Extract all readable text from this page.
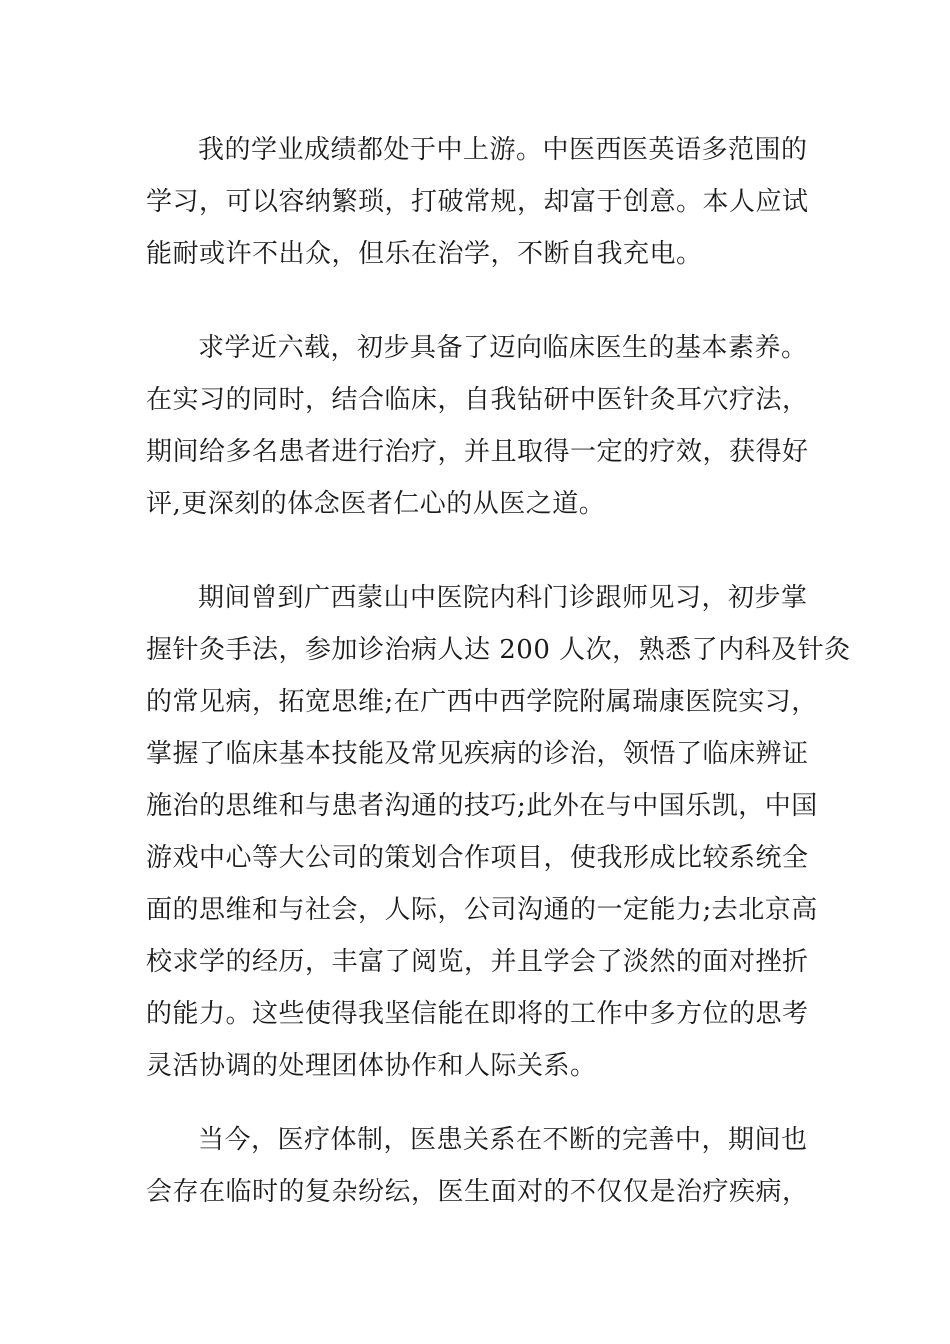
我的学业成绩都处于中上游。中医西医英语多范围的
学习，可以容纳繁琐，打破常规，却富于创意。本人应试
能耐或许不出众，但乐在治学，不断自我充电。
求学近六载，初步具备了迈向临床医生的基本素养。
在实习的同时，结合临床，自我钻研中医针灸耳穴疗法，
期间给多名患者进行治疗，并且取得一定的疗效，获得好
评,更深刻的体念医者仁心的从医之道。
期间曾到广西蒙山中医院内科门诊跟师见习，初步掌
握针灸手法，参加诊治病人达 200 人次，熟悉了内科及针灸
的常见病，拓宽思维;在广西中西学院附属瑞康医院实习，
掌握了临床基本技能及常见疾病的诊治，领悟了临床辨证
施治的思维和与患者沟通的技巧;此外在与中国乐凯，中国
游戏中心等大公司的策划合作项目，使我形成比较系统全
面的思维和与社会，人际，公司沟通的一定能力;去北京高
校求学的经历，丰富了阅览，并且学会了淡然的面对挫折
的能力。这些使得我坚信能在即将的工作中多方位的思考
灵活协调的处理团体协作和人际关系。
当今，医疗体制，医患关系在不断的完善中，期间也
会存在临时的复杂纷纭，医生面对的不仅仅是治疗疾病，
